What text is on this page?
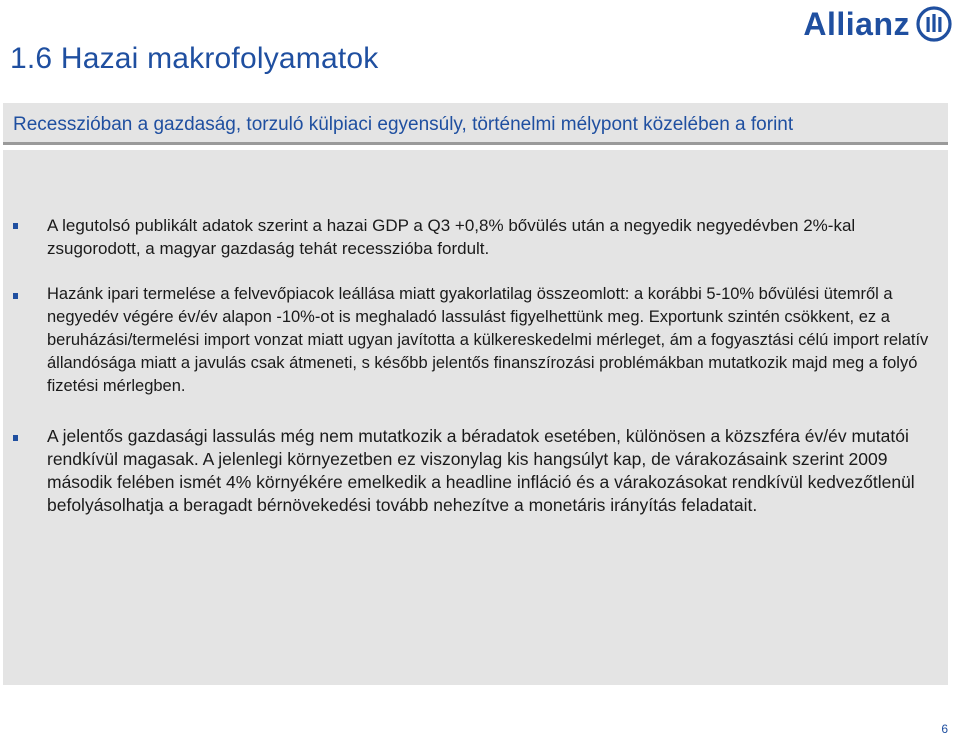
1.6 Hazai makrofolyamatok
Allianz
Recesszióban a gazdaság, torzuló külpiaci egyensúly, történelmi mélypont közelében a forint
A legutolsó publikált adatok szerint a hazai GDP a Q3 +0,8% bővülés után a negyedik negyedévben 2%-kal zsugorodott, a magyar gazdaság tehát recesszióba fordult.
Hazánk ipari termelése a felvevőpiacok leállása miatt gyakorlatilag összeomlott: a korábbi 5-10% bővülési ütemről a negyedév végére év/év alapon -10%-ot is meghaladó lassulást figyelhettünk meg. Exportunk szintén csökkent, ez a beruházási/termelési import vonzat miatt ugyan javította a külkereskedelmi mérleget, ám a fogyasztási célú import relatív állandósága miatt a javulás csak átmeneti, s később jelentős finanszírozási problémákban mutatkozik majd meg a folyó fizetési mérlegben.
A jelentős gazdasági lassulás még nem mutatkozik a béradatok esetében, különösen a közszféra év/év mutatói rendkívül magasak. A jelenlegi környezetben ez viszonylag kis hangsúlyt kap, de várakozásaink szerint 2009 második felében ismét 4% környékére emelkedik a headline infláció és a várakozásokat rendkívül kedvezőtlenül befolyásolhatja a beragadt bérnövekedési tovább nehezítve a monetáris irányítás feladatait.
6
